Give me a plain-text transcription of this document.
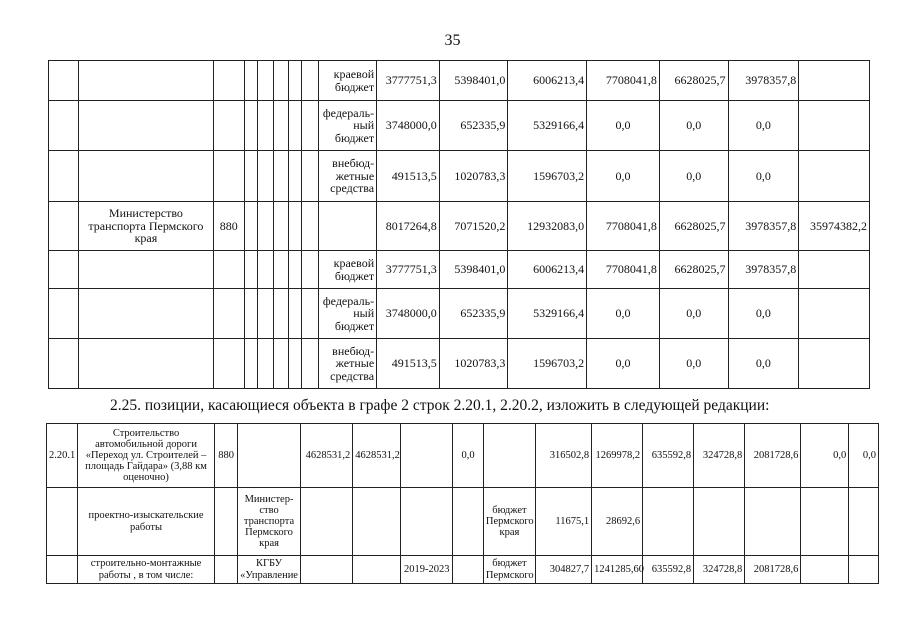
35
								краевой бюджет	3777751,3	5398401,0	6006213,4	7708041,8	6628025,7	3978357,8	
								федераль-ный бюджет	3748000,0	652335,9	5329166,4	0,0	0,0	0,0	
								внебюд-жетные средства	491513,5	1020783,3	1596703,2	0,0	0,0	0,0	
	Министерство транспорта Пермского края	880							8017264,8	7071520,2	12932083,0	7708041,8	6628025,7	3978357,8	35974382,2
								краевой бюджет	3777751,3	5398401,0	6006213,4	7708041,8	6628025,7	3978357,8	
								федераль-ный бюджет	3748000,0	652335,9	5329166,4	0,0	0,0	0,0	
								внебюд-жетные средства	491513,5	1020783,3	1596703,2	0,0	0,0	0,0	
2.25. позиции, касающиеся объекта в графе 2 строк 2.20.1, 2.20.2, изложить в следующей редакции:
2.20.1	Строительство автомобильной дороги «Переход ул. Строителей – площадь Гайдара» (3,88 км оценочно)	880		4628531,2	4628531,2		0,0		316502,8	1269978,2	635592,8	324728,8	2081728,6	0,0	0,0
	проектно-изыскательские работы		Министер-ство транспорта Пермского края					бюджет Пермского края	11675,1	28692,6					
	строительно-монтажные работы , в том числе:		КГБУ «Управление			2019-2023		бюджет Пермского	304827,7	1241285,60	635592,8	324728,8	2081728,6		
